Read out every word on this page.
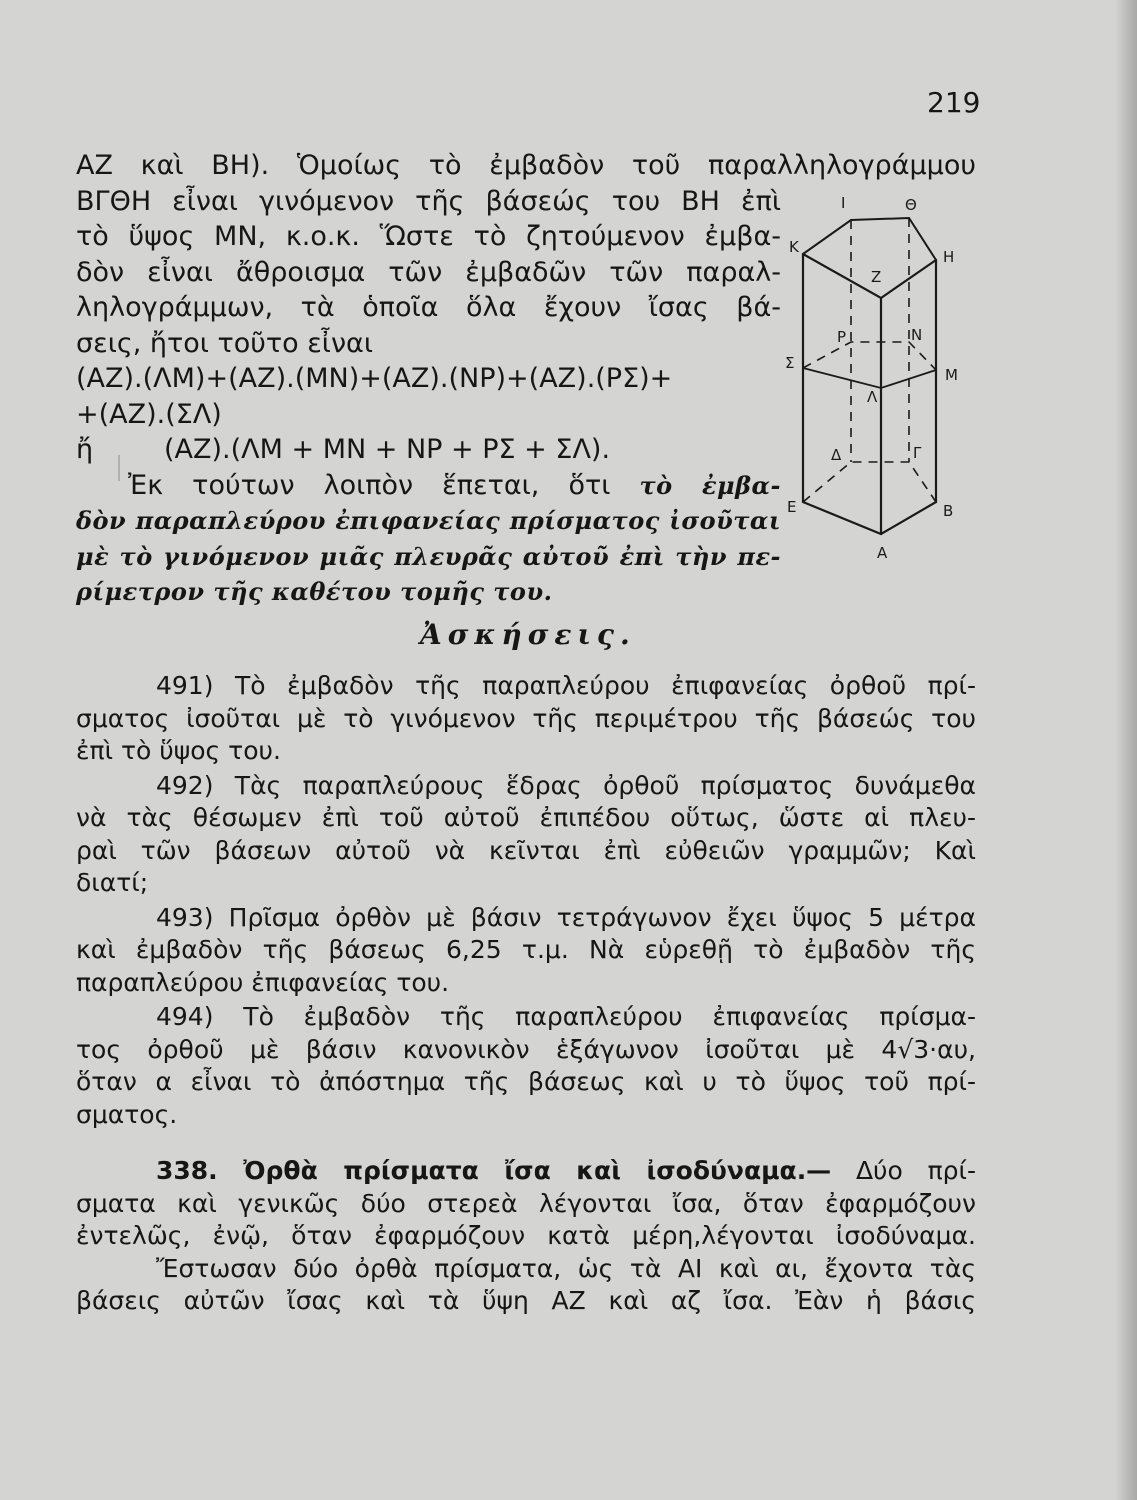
219
ΑΖ καὶ ΒΗ). Ὁμοίως τὸ ἐμβαδὸν τοῦ παραλληλογράμμου
ΒΓΘΗ εἶναι γινόμενον τῆς βάσεώς του ΒΗ ἐπὶ
τὸ ὕψος ΜΝ, κ.ο.κ. Ὥστε τὸ ζητούμενον ἐμβα-
δὸν εἶναι ἄθροισμα τῶν ἐμβαδῶν τῶν παραλ-
ληλογράμμων, τὰ ὁποῖα ὅλα ἔχουν ἴσας βά-
σεις, ἤτοι τοῦτο εἶναι
(ΑΖ).(ΛΜ)+(ΑΖ).(ΜΝ)+(ΑΖ).(ΝΡ)+(ΑΖ).(ΡΣ)+
+(ΑΖ).(ΣΛ)
ἤ	(ΑΖ).(ΛΜ + ΜΝ + ΝΡ + ΡΣ + ΣΛ).
Ἐκ τούτων λοιπὸν ἕπεται, ὅτι τὸ ἐμβα-
δὸν παραπλεύρου ἐπιφανείας πρίσματος ἰσοῦται
μὲ τὸ γινόμενον μιᾶς πλευρᾶς αὐτοῦ ἐπὶ τὴν πε-
ρίμετρον τῆς καθέτου τομῆς του.
Ι	Θ
Κ
Η
Ζ
Ρ	Ν
Σ
Μ
Λ
Δ	Γ
Ε	Β
Α
Ἀσκήσεις.
491) Τὸ ἐμβαδὸν τῆς παραπλεύρου ἐπιφανείας ὀρθοῦ πρί-
σματος ἰσοῦται μὲ τὸ γινόμενον τῆς περιμέτρου τῆς βάσεώς του
ἐπὶ τὸ ὕψος του.
492) Τὰς παραπλεύρους ἕδρας ὀρθοῦ πρίσματος δυνάμεθα
νὰ τὰς θέσωμεν ἐπὶ τοῦ αὐτοῦ ἐπιπέδου οὕτως, ὥστε αἱ πλευ-
ραὶ τῶν βάσεων αὐτοῦ νὰ κεῖνται ἐπὶ εὐθειῶν γραμμῶν; Καὶ
διατί;
493) Πρῖσμα ὀρθὸν μὲ βάσιν τετράγωνον ἔχει ὕψος 5 μέτρα
καὶ ἐμβαδὸν τῆς βάσεως 6,25 τ.μ. Νὰ εὑρεθῇ τὸ ἐμβαδὸν τῆς
παραπλεύρου ἐπιφανείας του.
494) Τὸ ἐμβαδὸν τῆς παραπλεύρου ἐπιφανείας πρίσμα-
τος ὀρθοῦ μὲ βάσιν κανονικὸν ἑξάγωνον ἰσοῦται μὲ 4√3·αυ,
ὅταν α εἶναι τὸ ἀπόστημα τῆς βάσεως καὶ υ τὸ ὕψος τοῦ πρί-
σματος.
338. Ὀρθὰ πρίσματα ἴσα καὶ ἰσοδύναμα.— Δύο πρί-
σματα καὶ γενικῶς δύο στερεὰ λέγονται ἴσα, ὅταν ἐφαρμόζουν
ἐντελῶς, ἐνῷ, ὅταν ἐφαρμόζουν κατὰ μέρη,λέγονται ἰσοδύναμα.
Ἔστωσαν δύο ὀρθὰ πρίσματα, ὡς τὰ ΑΙ καὶ αι, ἔχοντα τὰς
βάσεις αὐτῶν ἴσας καὶ τὰ ὕψη ΑΖ καὶ αζ ἴσα. Ἐὰν ἡ βάσις
